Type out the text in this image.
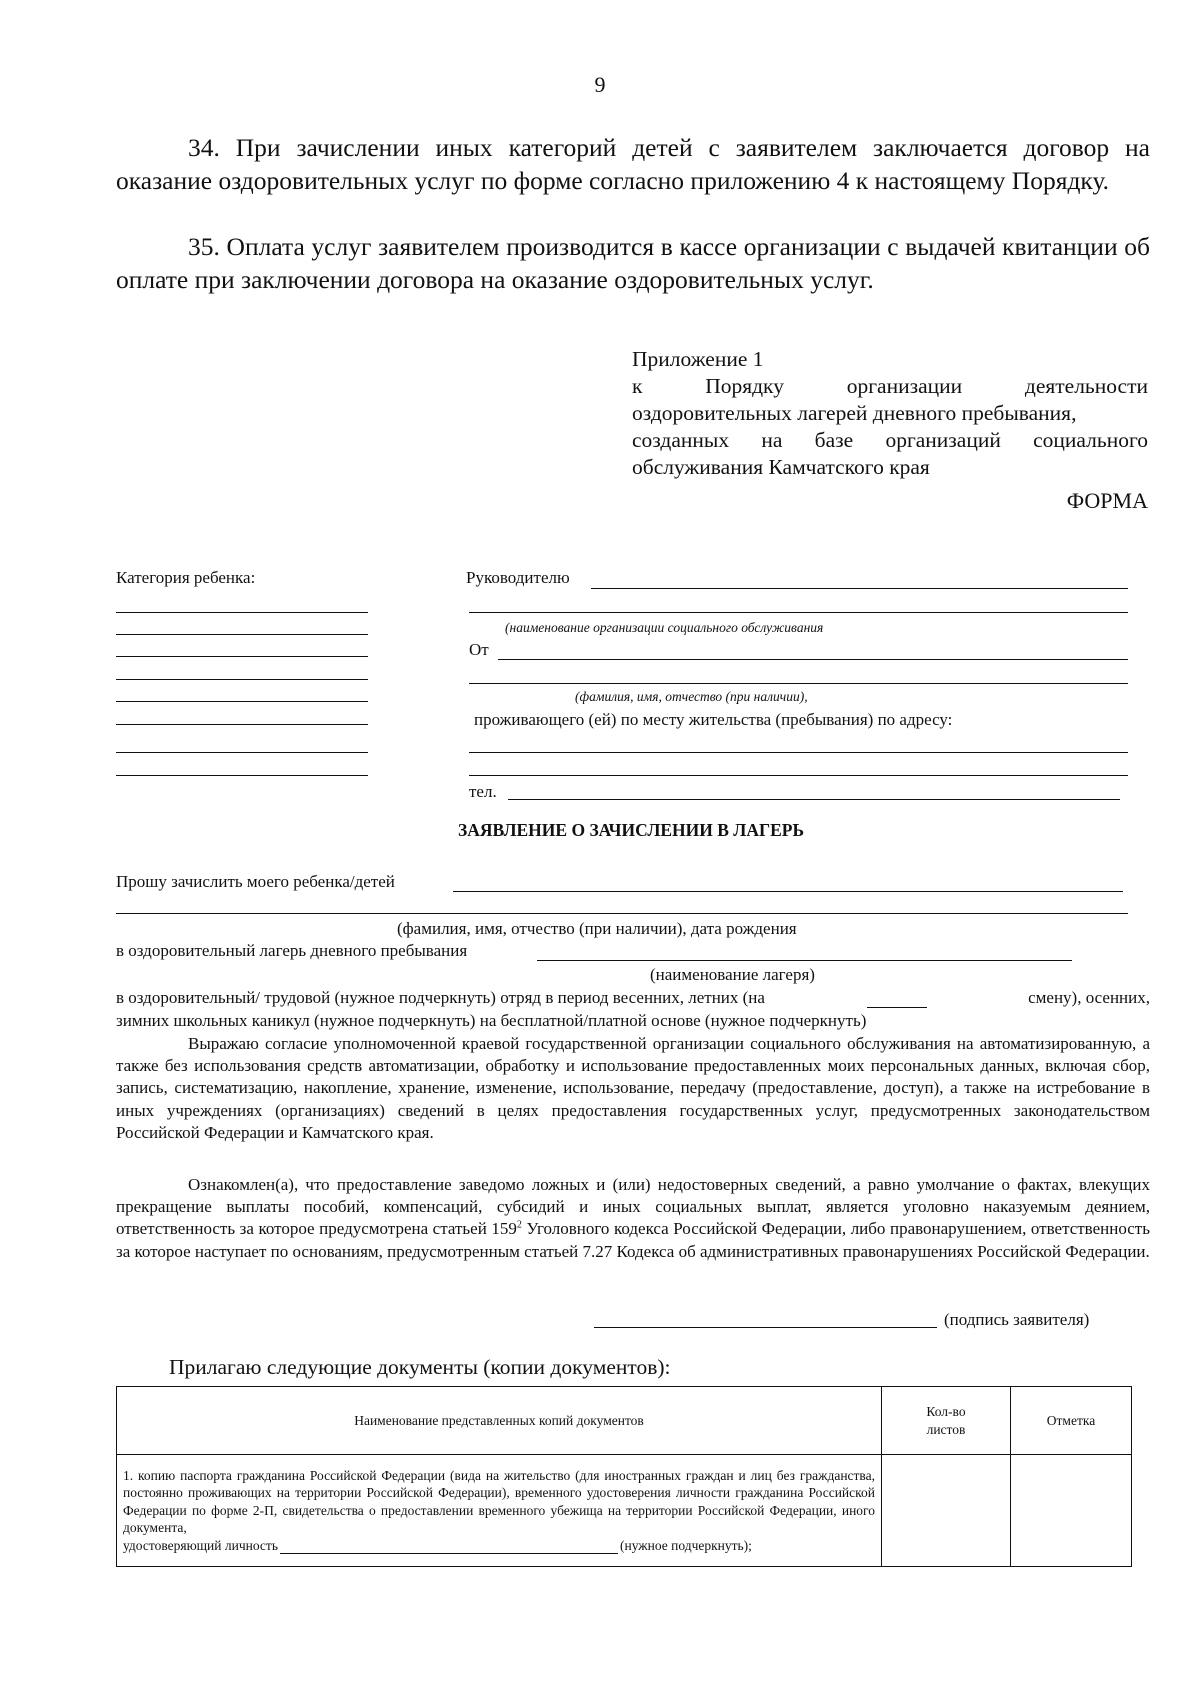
9
34. При зачислении иных категорий детей с заявителем заключается договор на оказание оздоровительных услуг по форме согласно приложению 4 к настоящему Порядку.
35. Оплата услуг заявителем производится в кассе организации с выдачей квитанции об оплате при заключении договора на оказание оздоровительных услуг.
Приложение 1
к	Порядку	организации	деятельности
оздоровительных лагерей дневного пребывания,
созданных на базе организаций социального
обслуживания Камчатского края
ФОРМА
Категория ребенка:	Руководителю
(наименование организации социального обслуживания
От
(фамилия, имя, отчество (при наличии),
проживающего (ей) по месту жительства (пребывания) по адресу:
тел.
ЗАЯВЛЕНИЕ О ЗАЧИСЛЕНИИ В ЛАГЕРЬ
Прошу зачислить моего ребенка/детей
(фамилия, имя, отчество (при наличии), дата рождения
в оздоровительный лагерь дневного пребывания
(наименование лагеря)
в оздоровительный/ трудовой (нужное подчеркнуть) отряд в период весенних, летних (на	смену), осенних,
зимних школьных каникул (нужное подчеркнуть) на бесплатной/платной основе (нужное подчеркнуть)
Выражаю согласие уполномоченной краевой государственной организации социального обслуживания на автоматизированную, а также без использования средств автоматизации, обработку и использование предоставленных моих персональных данных, включая сбор, запись, систематизацию, накопление, хранение, изменение, использование, передачу (предоставление, доступ), а также на истребование в иных учреждениях (организациях) сведений в целях предоставления государственных услуг, предусмотренных законодательством Российской Федерации и Камчатского края.
Ознакомлен(а), что предоставление заведомо ложных и (или) недостоверных сведений, а равно умолчание о фактах, влекущих прекращение выплаты пособий, компенсаций, субсидий и иных социальных выплат, является уголовно наказуемым деянием, ответственность за которое предусмотрена статьей $159^2$ Уголовного кодекса Российской Федерации, либо правонарушением, ответственность за которое наступает по основаниям, предусмотренным статьей 7.27 Кодекса об административных правонарушениях Российской Федерации.
(подпись заявителя)
Прилагаю следующие документы (копии документов):
Наименование представленных копий документов	Кол-во листов	Отметка

1. копию паспорта гражданина Российской Федерации (вида на жительство (для иностранных граждан и лиц без гражданства, постоянно проживающих на территории Российской Федерации), временного удостоверения личности гражданина Российской Федерации по форме 2-П, свидетельства о предоставлении временного убежища на территории Российской Федерации, иного документа,
удостоверяющий личность (нужное подчеркнуть);		
